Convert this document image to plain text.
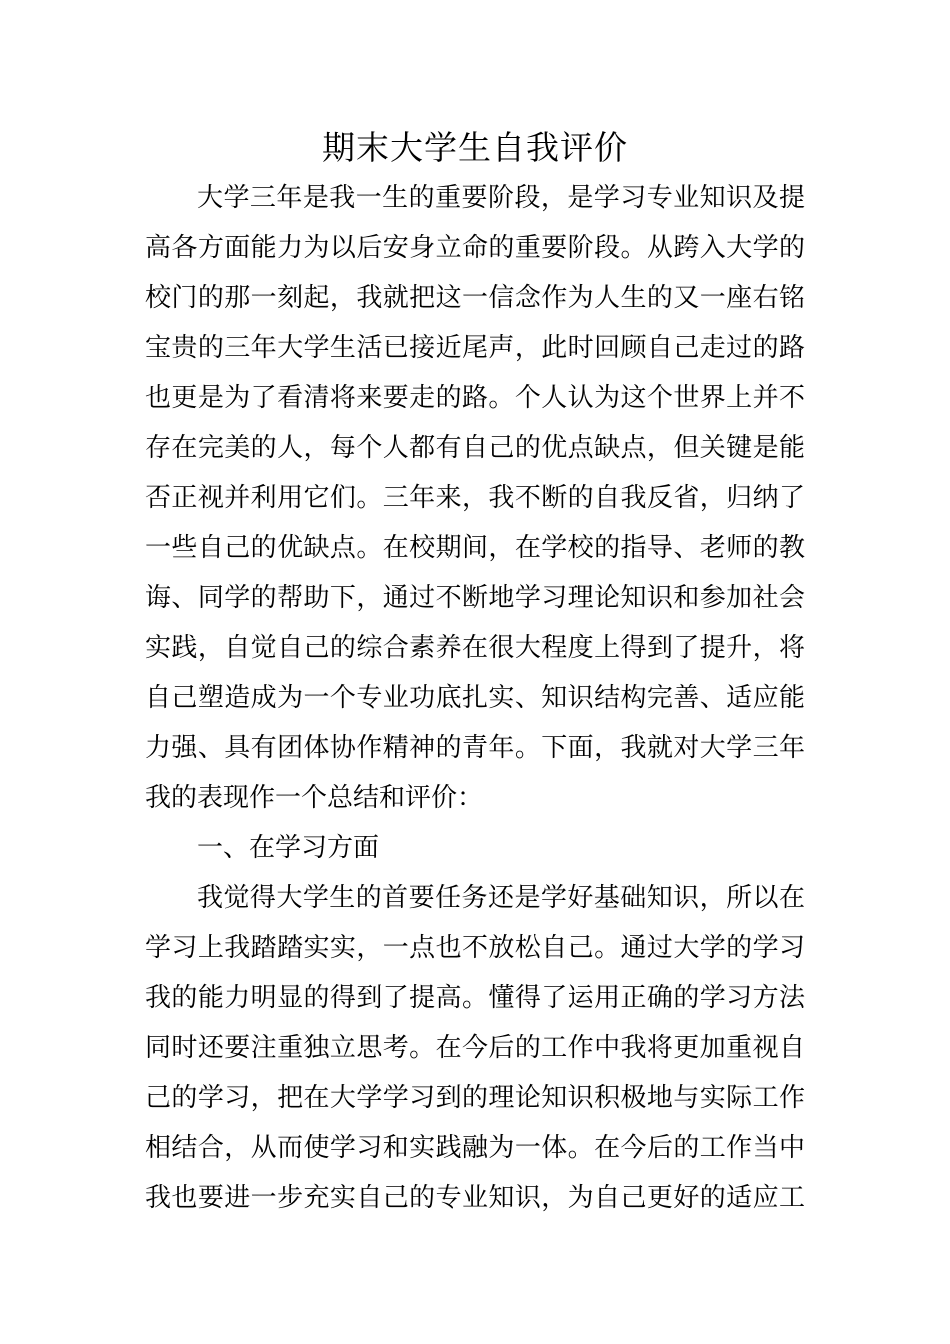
期末大学生自我评价
大学三年是我一生的重要阶段，是学习专业知识及提
高各方面能力为以后安身立命的重要阶段。从跨入大学的
校门的那一刻起，我就把这一信念作为人生的又一座右铭
宝贵的三年大学生活已接近尾声，此时回顾自己走过的路
也更是为了看清将来要走的路。个人认为这个世界上并不
存在完美的人，每个人都有自己的优点缺点，但关键是能
否正视并利用它们。三年来，我不断的自我反省，归纳了
一些自己的优缺点。在校期间，在学校的指导、老师的教
诲、同学的帮助下，通过不断地学习理论知识和参加社会
实践，自觉自己的综合素养在很大程度上得到了提升，将
自己塑造成为一个专业功底扎实、知识结构完善、适应能
力强、具有团体协作精神的青年。下面，我就对大学三年
我的表现作一个总结和评价：
一、在学习方面
我觉得大学生的首要任务还是学好基础知识，所以在
学习上我踏踏实实，一点也不放松自己。通过大学的学习
我的能力明显的得到了提高。懂得了运用正确的学习方法
同时还要注重独立思考。在今后的工作中我将更加重视自
己的学习，把在大学学习到的理论知识积极地与实际工作
相结合，从而使学习和实践融为一体。在今后的工作当中
我也要进一步充实自己的专业知识，为自己更好的适应工
